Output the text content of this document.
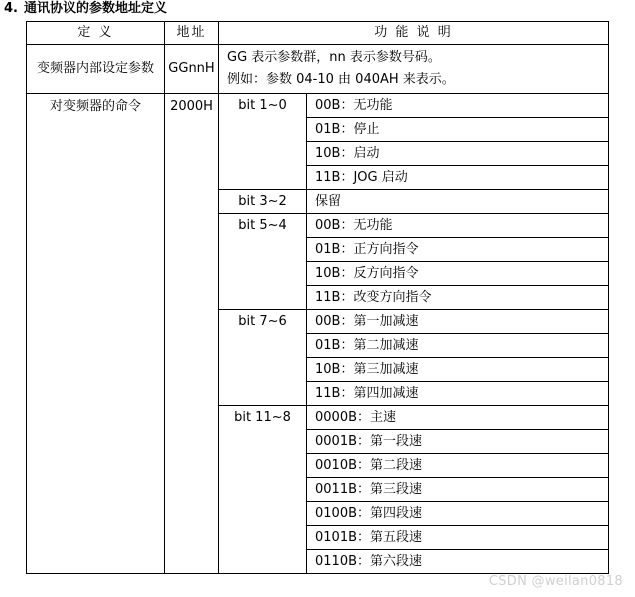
4. 通讯协议的参数地址定义
定 义	地址	功 能 说 明	
变频器内部设定参数	GGnnH	GG 表示参数群，nn 表示参数号码。
例如：参数 04-10 由 040AH 来表示。	

对变频器的命令	2000H	bit 1~0	00B：无功能
			01B：停止
			10B：启动
			11B：JOG 启动
		bit 3~2	保留
		bit 5~4	00B：无功能
			01B：正方向指令
			10B：反方向指令
			11B：改变方向指令
		bit 7~6	00B：第一加减速
			01B：第二加减速
			10B：第三加减速
			11B：第四加减速
		bit 11~8	0000B：主速
			0001B：第一段速
			0010B：第二段速
			0011B：第三段速
			0100B：第四段速
			0101B：第五段速
			0110B：第六段速
CSDN @weilan0818
